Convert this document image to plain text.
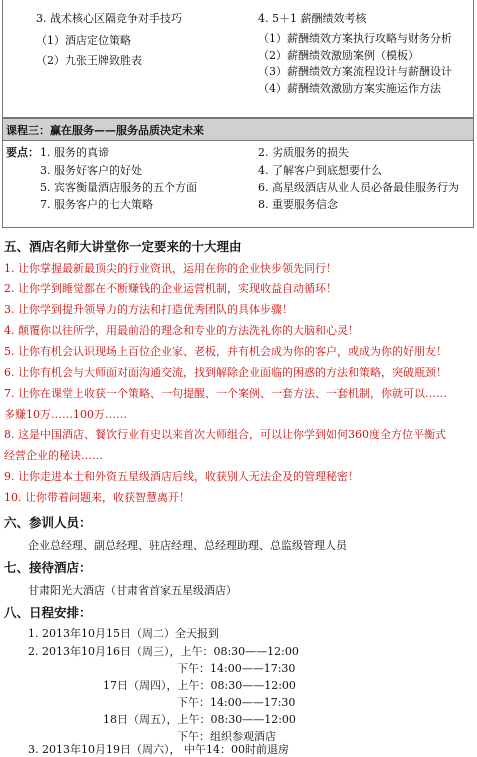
3. 战术核心区隔竞争对手技巧
（1）酒店定位策略
（2）九张王牌致胜表
4. 5＋1 薪酬绩效考核
（1）薪酬绩效方案执行攻略与财务分析
（2）薪酬绩效激励案例（模板）
（3）薪酬绩效方案流程设计与薪酬设计
（4）薪酬绩效激励方案实施运作方法
课程三：赢在服务——服务品质决定未来
要点： 1. 服务的真谛
3. 服务好客户的好处
5. 宾客衡量酒店服务的五个方面
7. 服务客户的七大策略
2. 劣质服务的损失
4. 了解客户到底想要什么
6. 高星级酒店从业人员必备最佳服务行为
8. 重要服务信念
五、酒店名师大讲堂你一定要来的十大理由
1. 让你掌握最新最顶尖的行业资讯，运用在你的企业快步领先同行！
2. 让你学到睡觉都在不断赚钱的企业运营机制，实现收益自动循环！
3. 让你学到提升领导力的方法和打造优秀团队的具体步骤！
4. 颠覆你以往所学，用最前沿的理念和专业的方法洗礼你的大脑和心灵！
5. 让你有机会认识现场上百位企业家、老板，并有机会成为你的客户，或成为你的好朋友！
6. 让你有机会与大师面对面沟通交流，找到解除企业面临的困惑的方法和策略，突破瓶颈！
7. 让你在课堂上收获一个策略、一句提醒、一个案例、一套方法、一套机制，你就可以……
多赚10万……100万……
8. 这是中国酒店、餐饮行业有史以来首次大师组合，可以让你学到如何360度全方位平衡式
经营企业的秘诀……
9. 让你走进本土和外资五星级酒店后线，收获别人无法企及的管理秘密！
10. 让你带着问题来，收获智慧离开！
六、参训人员：
企业总经理、副总经理、驻店经理、总经理助理、总监级管理人员
七、接待酒店：
甘肃阳光大酒店（甘肃省首家五星级酒店）
八、日程安排：
1. 2013年10月15日（周二）全天报到
2. 2013年10月16日（周三），上午：08:30——12:00
下午：14:00——17:30
17日（周四），上午：08:30——12:00
下午：14:00——17:30
18日（周五），上午：08:30——12:00
下午：组织参观酒店
3. 2013年10月19日（周六）， 中午14：00时前退房
